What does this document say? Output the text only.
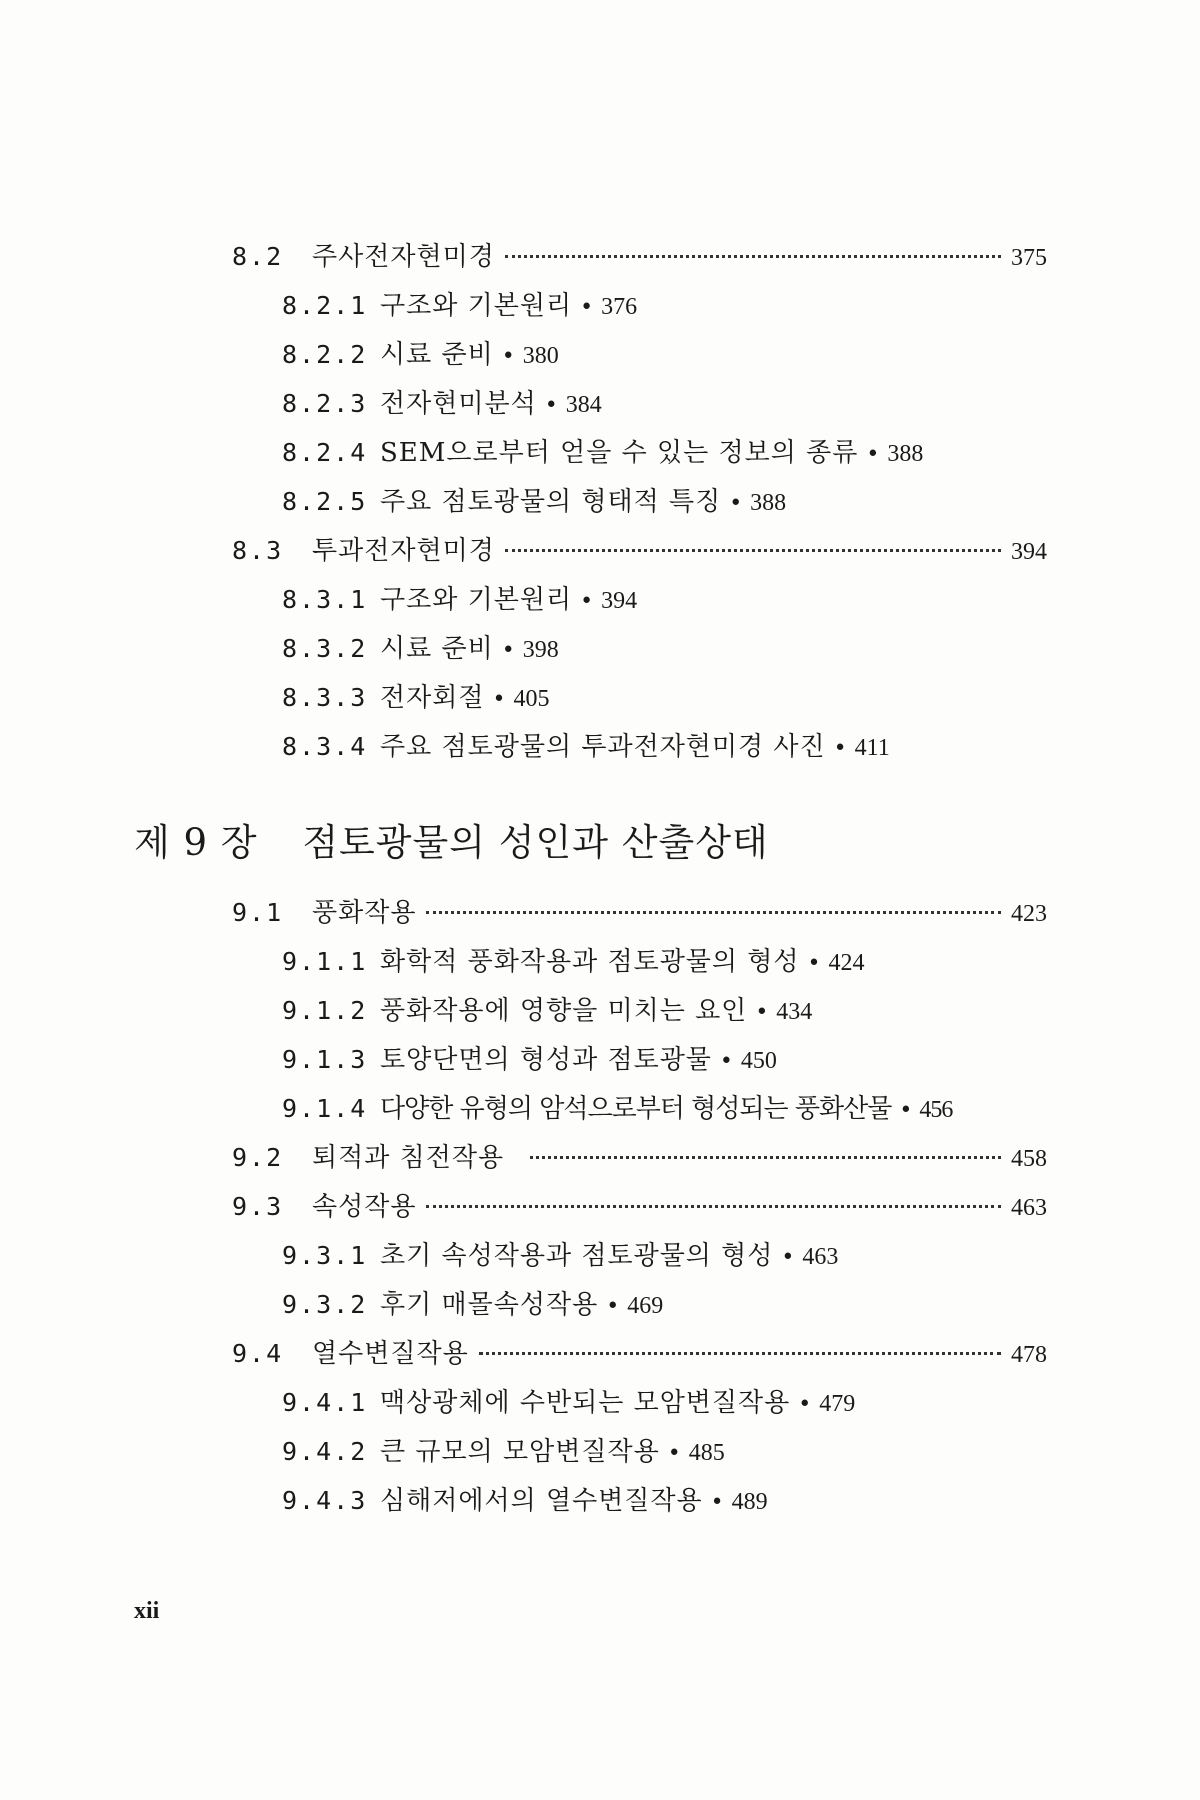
8.2	주사전자현미경	375
8.2.1 구조와 기본원리 • 376
8.2.2 시료 준비 • 380
8.2.3 전자현미분석 • 384
8.2.4 SEM으로부터 얻을 수 있는 정보의 종류 • 388
8.2.5 주요 점토광물의 형태적 특징 • 388
8.3	투과전자현미경	394
8.3.1 구조와 기본원리 • 394
8.3.2 시료 준비 • 398
8.3.3 전자회절 • 405
8.3.4 주요 점토광물의 투과전자현미경 사진 • 411
제 9 장 점토광물의 성인과 산출상태
9.1	풍화작용	423
9.1.1 화학적 풍화작용과 점토광물의 형성 • 424
9.1.2 풍화작용에 영향을 미치는 요인 • 434
9.1.3 토양단면의 형성과 점토광물 • 450
9.1.4 다양한 유형의 암석으로부터 형성되는 풍화산물 • 456
9.2	퇴적과 침전작용	458
9.3	속성작용	463
9.3.1 초기 속성작용과 점토광물의 형성 • 463
9.3.2 후기 매몰속성작용 • 469
9.4	열수변질작용	478
9.4.1 맥상광체에 수반되는 모암변질작용 • 479
9.4.2 큰 규모의 모암변질작용 • 485
9.4.3 심해저에서의 열수변질작용 • 489
xii
